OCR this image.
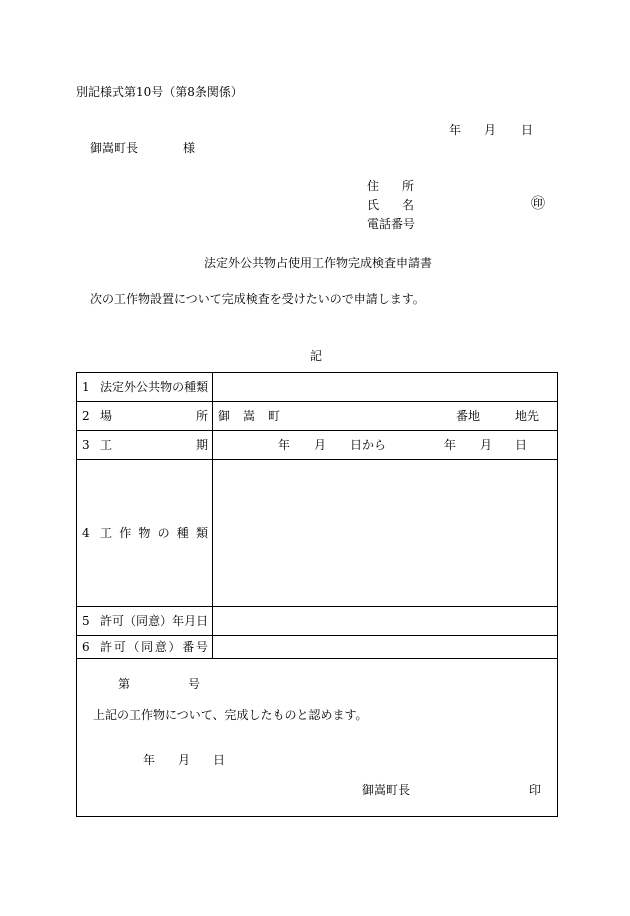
別記様式第10号（第8条関係）
年 月 日
御嵩町長	様
住 所
氏 名	㊞
電話番号
法定外公共物占使用工作物完成検査申請書
次の工作物設置について完成検査を受けたいので申請します。
記
1 法 定 外 公 共 物 の 種 類
2 場	所 御 嵩 町	番地	地先
3 工	期	年 月 日から	年 月 日
4 工 作 物 の 種 類
5 許 可 （ 同 意 ） 年 月 日
6 許 可 （ 同 意 ） 番 号
第	号
上記の工作物について、完成したものと認めます。
年 月 日
御嵩町長	印
